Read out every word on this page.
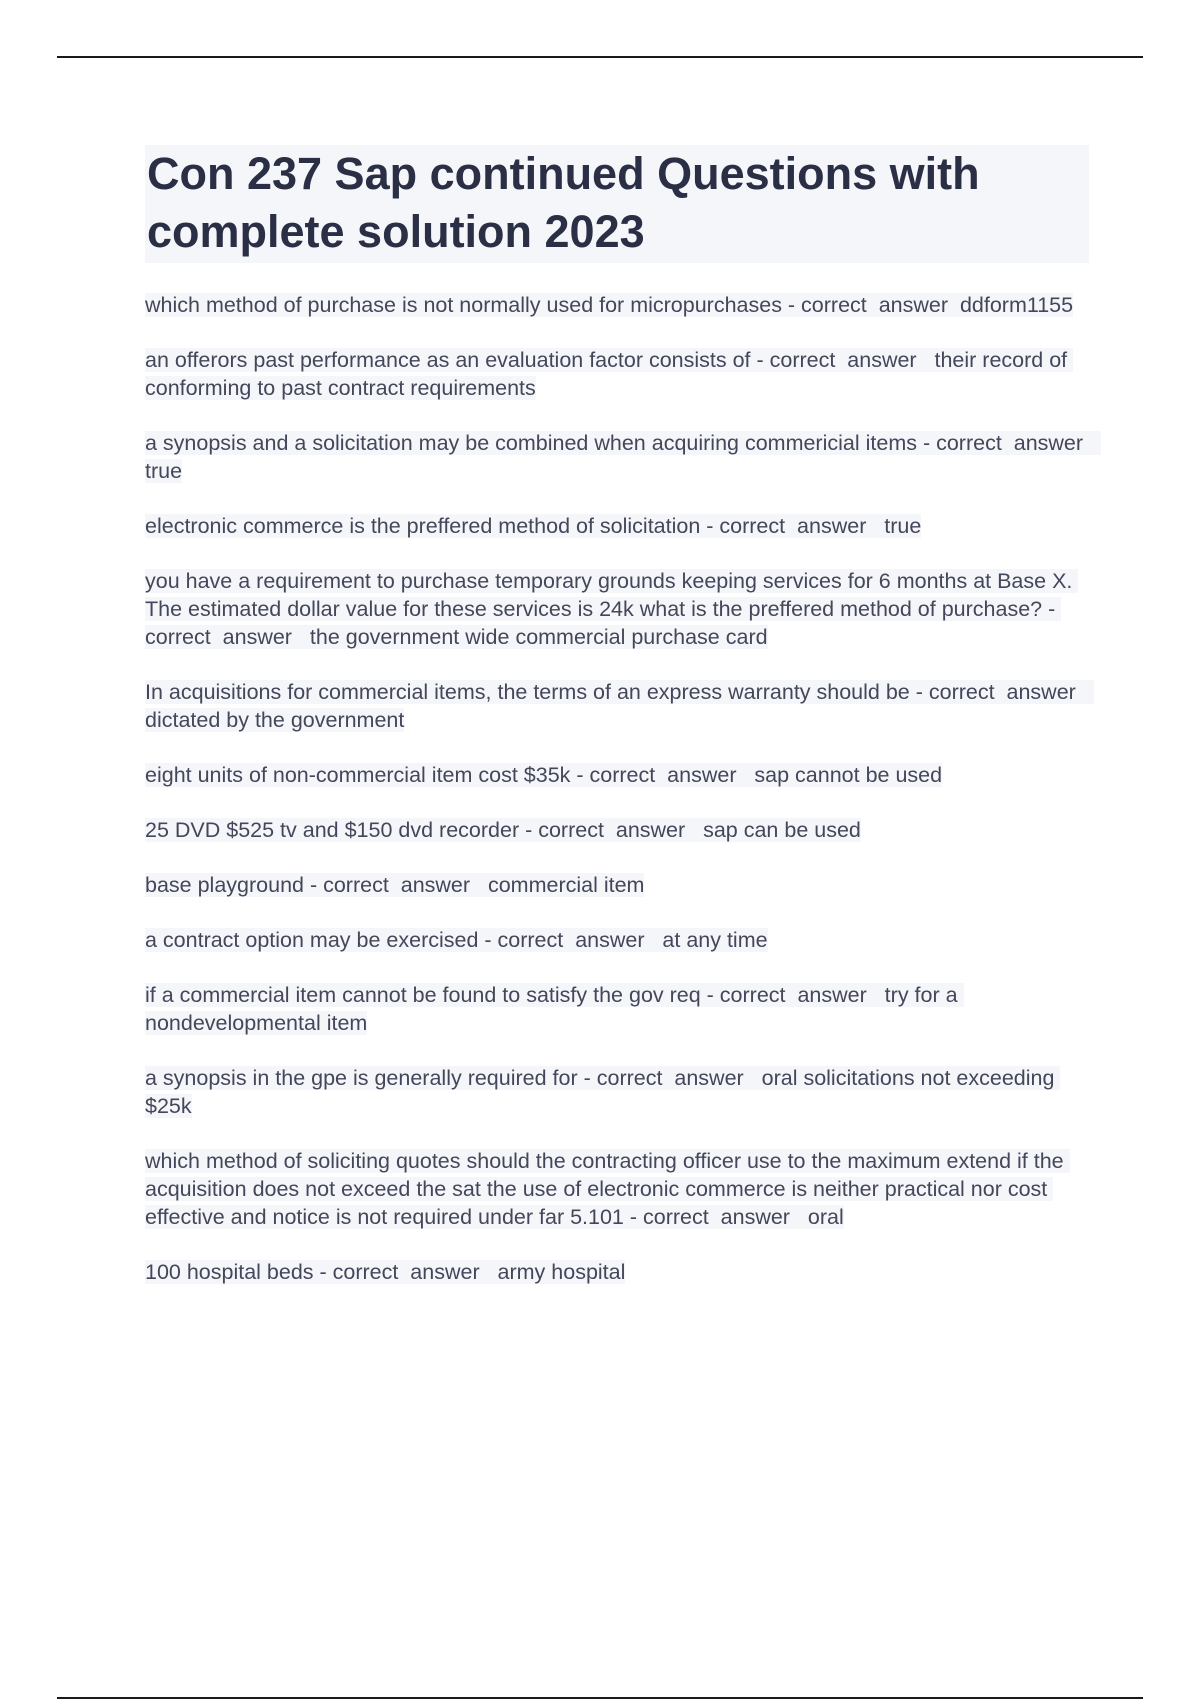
Con 237 Sap continued Questions with complete solution 2023
which method of purchase is not normally used for micropurchases - correct  answer  ddform1155
an offerors past performance as an evaluation factor consists of - correct  answer   their record of conforming to past contract requirements
a synopsis and a solicitation may be combined when acquiring commericial items - correct  answer   true
electronic commerce is the preffered method of solicitation - correct  answer   true
you have a requirement to purchase temporary grounds keeping services for 6 months at Base X. The estimated dollar value for these services is 24k what is the preffered method of purchase? - correct  answer   the government wide commercial purchase card
In acquisitions for commercial items, the terms of an express warranty should be - correct  answer   dictated by the government
eight units of non-commercial item cost $35k - correct  answer   sap cannot be used
25 DVD $525 tv and $150 dvd recorder - correct  answer   sap can be used
base playground - correct  answer   commercial item
a contract option may be exercised - correct  answer   at any time
if a commercial item cannot be found to satisfy the gov req - correct  answer   try for a nondevelopmental item
a synopsis in the gpe is generally required for - correct  answer   oral solicitations not exceeding $25k
which method of soliciting quotes should the contracting officer use to the maximum extend if the acquisition does not exceed the sat the use of electronic commerce is neither practical nor cost effective and notice is not required under far 5.101 - correct  answer   oral
100 hospital beds - correct  answer   army hospital
